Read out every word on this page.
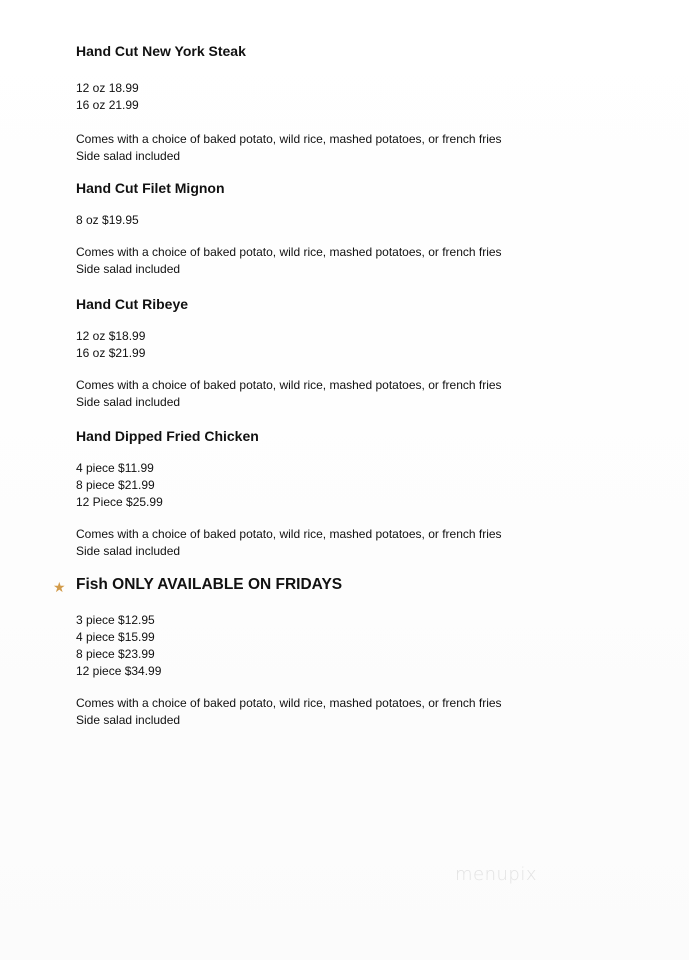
Hand Cut New York Steak
12 oz 18.99
16 oz 21.99
Comes with a choice of baked potato, wild rice, mashed potatoes, or french fries
Side salad included
Hand Cut Filet Mignon
8 oz $19.95
Comes with a choice of baked potato, wild rice, mashed potatoes, or french fries
Side salad included
Hand Cut Ribeye
12 oz $18.99
16 oz $21.99
Comes with a choice of baked potato, wild rice, mashed potatoes, or french fries
Side salad included
Hand Dipped Fried Chicken
4 piece $11.99
8 piece $21.99
12 Piece $25.99
Comes with a choice of baked potato, wild rice, mashed potatoes, or french fries
Side salad included
★ Fish ONLY AVAILABLE ON FRIDAYS
3 piece $12.95
4 piece $15.99
8 piece $23.99
12 piece $34.99
Comes with a choice of baked potato, wild rice, mashed potatoes, or french fries
Side salad included
menupix
